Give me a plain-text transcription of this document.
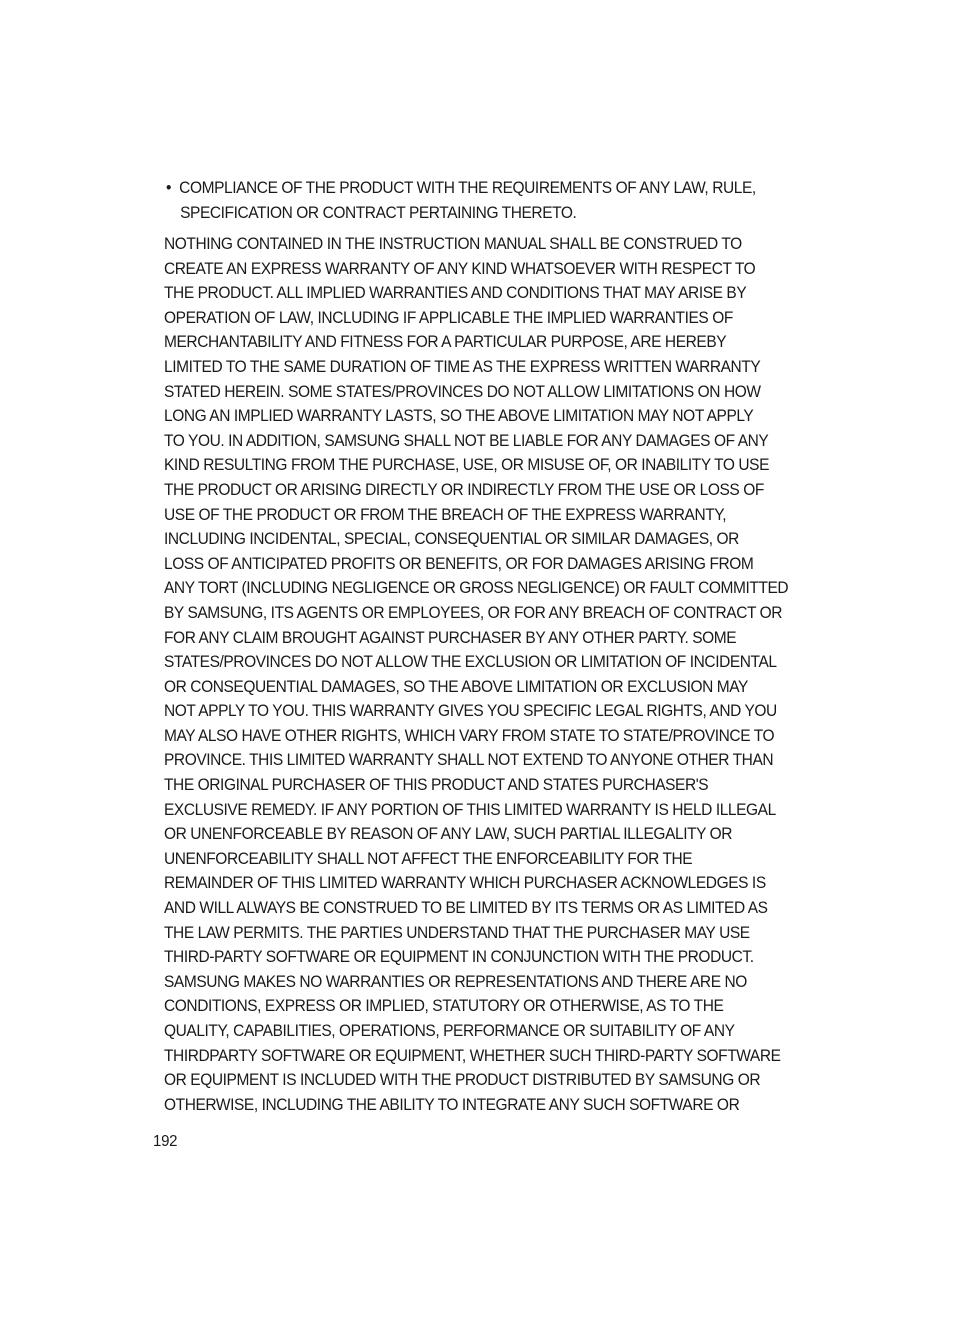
• COMPLIANCE OF THE PRODUCT WITH THE REQUIREMENTS OF ANY LAW, RULE,
SPECIFICATION OR CONTRACT PERTAINING THERETO.
NOTHING CONTAINED IN THE INSTRUCTION MANUAL SHALL BE CONSTRUED TO
CREATE AN EXPRESS WARRANTY OF ANY KIND WHATSOEVER WITH RESPECT TO
THE PRODUCT. ALL IMPLIED WARRANTIES AND CONDITIONS THAT MAY ARISE BY
OPERATION OF LAW, INCLUDING IF APPLICABLE THE IMPLIED WARRANTIES OF
MERCHANTABILITY AND FITNESS FOR A PARTICULAR PURPOSE, ARE HEREBY
LIMITED TO THE SAME DURATION OF TIME AS THE EXPRESS WRITTEN WARRANTY
STATED HEREIN. SOME STATES/PROVINCES DO NOT ALLOW LIMITATIONS ON HOW
LONG AN IMPLIED WARRANTY LASTS, SO THE ABOVE LIMITATION MAY NOT APPLY
TO YOU. IN ADDITION, SAMSUNG SHALL NOT BE LIABLE FOR ANY DAMAGES OF ANY
KIND RESULTING FROM THE PURCHASE, USE, OR MISUSE OF, OR INABILITY TO USE
THE PRODUCT OR ARISING DIRECTLY OR INDIRECTLY FROM THE USE OR LOSS OF
USE OF THE PRODUCT OR FROM THE BREACH OF THE EXPRESS WARRANTY,
INCLUDING INCIDENTAL, SPECIAL, CONSEQUENTIAL OR SIMILAR DAMAGES, OR
LOSS OF ANTICIPATED PROFITS OR BENEFITS, OR FOR DAMAGES ARISING FROM
ANY TORT (INCLUDING NEGLIGENCE OR GROSS NEGLIGENCE) OR FAULT COMMITTED
BY SAMSUNG, ITS AGENTS OR EMPLOYEES, OR FOR ANY BREACH OF CONTRACT OR
FOR ANY CLAIM BROUGHT AGAINST PURCHASER BY ANY OTHER PARTY. SOME
STATES/PROVINCES DO NOT ALLOW THE EXCLUSION OR LIMITATION OF INCIDENTAL
OR CONSEQUENTIAL DAMAGES, SO THE ABOVE LIMITATION OR EXCLUSION MAY
NOT APPLY TO YOU. THIS WARRANTY GIVES YOU SPECIFIC LEGAL RIGHTS, AND YOU
MAY ALSO HAVE OTHER RIGHTS, WHICH VARY FROM STATE TO STATE/PROVINCE TO
PROVINCE. THIS LIMITED WARRANTY SHALL NOT EXTEND TO ANYONE OTHER THAN
THE ORIGINAL PURCHASER OF THIS PRODUCT AND STATES PURCHASER'S
EXCLUSIVE REMEDY. IF ANY PORTION OF THIS LIMITED WARRANTY IS HELD ILLEGAL
OR UNENFORCEABLE BY REASON OF ANY LAW, SUCH PARTIAL ILLEGALITY OR
UNENFORCEABILITY SHALL NOT AFFECT THE ENFORCEABILITY FOR THE
REMAINDER OF THIS LIMITED WARRANTY WHICH PURCHASER ACKNOWLEDGES IS
AND WILL ALWAYS BE CONSTRUED TO BE LIMITED BY ITS TERMS OR AS LIMITED AS
THE LAW PERMITS. THE PARTIES UNDERSTAND THAT THE PURCHASER MAY USE
THIRD-PARTY SOFTWARE OR EQUIPMENT IN CONJUNCTION WITH THE PRODUCT.
SAMSUNG MAKES NO WARRANTIES OR REPRESENTATIONS AND THERE ARE NO
CONDITIONS, EXPRESS OR IMPLIED, STATUTORY OR OTHERWISE, AS TO THE
QUALITY, CAPABILITIES, OPERATIONS, PERFORMANCE OR SUITABILITY OF ANY
THIRDPARTY SOFTWARE OR EQUIPMENT, WHETHER SUCH THIRD-PARTY SOFTWARE
OR EQUIPMENT IS INCLUDED WITH THE PRODUCT DISTRIBUTED BY SAMSUNG OR
OTHERWISE, INCLUDING THE ABILITY TO INTEGRATE ANY SUCH SOFTWARE OR
192
